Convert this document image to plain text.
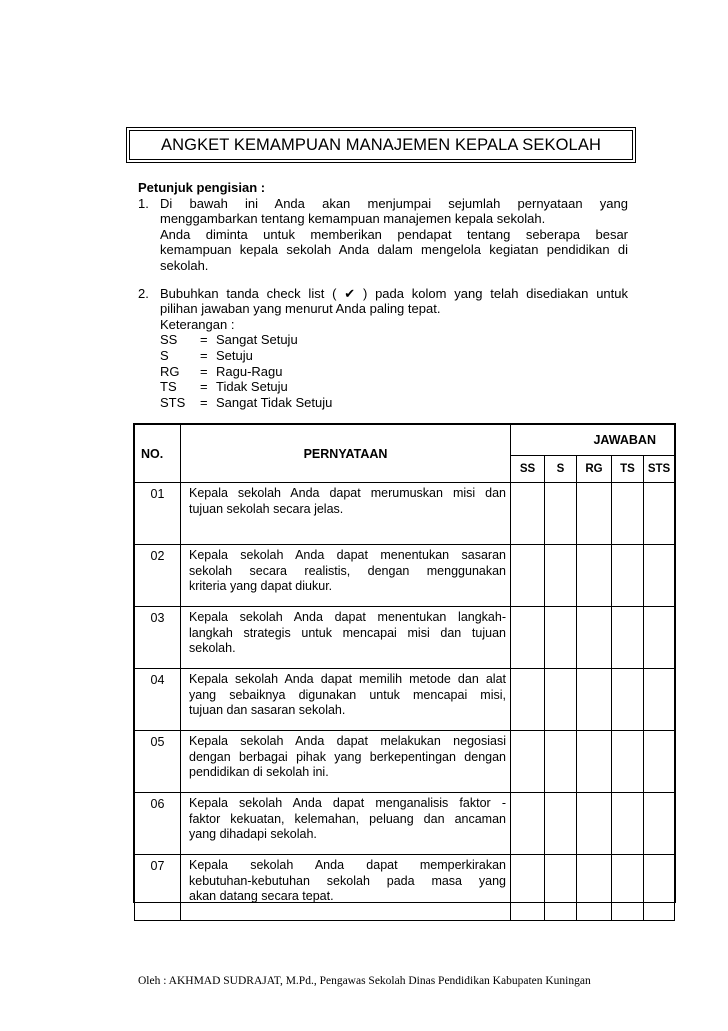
ANGKET KEMAMPUAN MANAJEMEN KEPALA SEKOLAH
Petunjuk pengisian :
1. Di bawah ini Anda akan menjumpai sejumlah pernyataan yang
menggambarkan tentang kemampuan manajemen kepala sekolah.
Anda diminta untuk memberikan pendapat tentang seberapa besar
kemampuan kepala sekolah Anda dalam mengelola kegiatan pendidikan di
sekolah.
2. Bubuhkan tanda check list ( ✔ ) pada kolom yang telah disediakan untuk
pilihan jawaban yang menurut Anda paling tepat.
Keterangan :
SS	= Sangat Setuju
S	= Setuju
RG	= Ragu-Ragu
TS	= Tidak Setuju
STS	= Sangat Tidak Setuju
NO.	PERNYATAAN	JAWABAN				
		SS	S	RG	TS	STS
01	Kepala sekolah Anda dapat merumuskan misi dan
tujuan sekolah secara jelas.					

02	Kepala sekolah Anda dapat menentukan sasaran
sekolah secara realistis, dengan menggunakan
kriteria yang dapat diukur.					

03	Kepala sekolah Anda dapat menentukan langkah-
langkah strategis untuk mencapai misi dan tujuan
sekolah.					

04	Kepala sekolah Anda dapat memilih metode dan alat
yang sebaiknya digunakan untuk mencapai misi,
tujuan dan sasaran sekolah.					

05	Kepala sekolah Anda dapat melakukan negosiasi
dengan berbagai pihak yang berkepentingan dengan
pendidikan di sekolah ini.					

06	Kepala sekolah Anda dapat menganalisis faktor -
faktor kekuatan, kelemahan, peluang dan ancaman
yang dihadapi sekolah.					

07	Kepala sekolah Anda dapat memperkirakan
kebutuhan-kebutuhan sekolah pada masa yang
akan datang secara tepat.					

Oleh : AKHMAD SUDRAJAT, M.Pd., Pengawas Sekolah Dinas Pendidikan Kabupaten Kuningan
